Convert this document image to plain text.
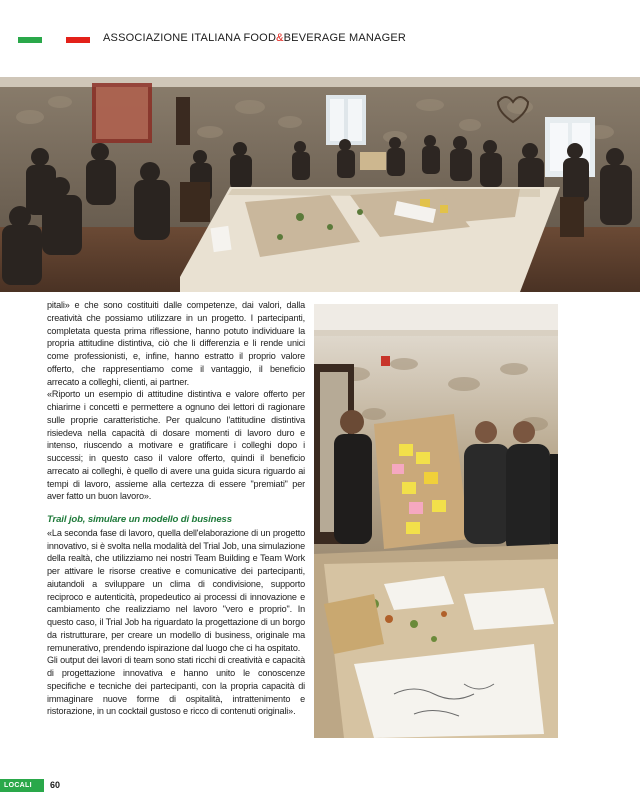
ASSOCIAZIONE ITALIANA FOOD&BEVERAGE MANAGER

pitali» e che sono costituiti dalle competenze, dai valori, dalla creatività che possiamo utilizzare in un progetto. I partecipanti, completata questa prima riflessione, hanno potuto individuare la propria attitudine distintiva, ciò che li differenzia e li rende unici come professionisti, e, infine, hanno estratto il proprio valore offerto, che rappresentiamo come il vantaggio, il beneficio arrecato a colleghi, clienti, ai partner.

«Riporto un esempio di attitudine distintiva e valore offerto per chiarirne i concetti e permettere a ognuno dei lettori di ragionare sulle proprie caratteristiche. Per qualcuno l'attitudine distintiva risiedeva nella capacità di dosare momenti di lavoro duro e intenso, riuscendo a motivare e gratificare i colleghi dopo i successi; in questo caso il valore offerto, quindi il beneficio arrecato ai colleghi, è quello di avere una guida sicura riguardo ai tempi di lavoro, assieme alla certezza di essere "premiati" per aver fatto un buon lavoro».

Trail job, simulare un modello di business

«La seconda fase di lavoro, quella dell'elaborazione di un progetto innovativo, si è svolta nella modalità del Trial Job, una simulazione della realtà, che utilizziamo nei nostri Team Building e Team Work per attivare le risorse creative e comunicative dei partecipanti, aiutandoli a sviluppare un clima di condivisione, supporto reciproco e autenticità, propedeutico ai processi di innovazione e cambiamento che realizziamo nel lavoro "vero e proprio". In questo caso, il Trial Job ha riguardato la progettazione di un borgo da ristrutturare, per creare un modello di business, originale ma remunerativo, prendendo ispirazione dal luogo che ci ha ospitato.

Gli output dei lavori di team sono stati ricchi di creatività e capacità di progettazione innovativa e hanno unito le conoscenze specifiche e tecniche dei partecipanti, con la propria capacità di immaginare nuove forme di ospitalità, intrattenimento e ristorazione, in un cocktail gustoso e ricco di contenuti originali».

LOCALI TOP
60
